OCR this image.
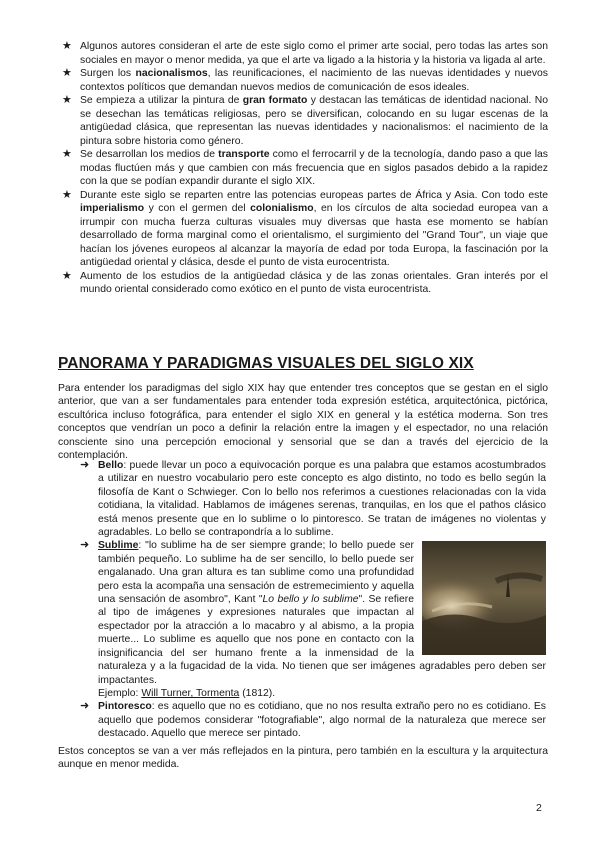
★ Algunos autores consideran el arte de este siglo como el primer arte social, pero todas las artes son sociales en mayor o menor medida, ya que el arte va ligado a la historia y la historia va ligada al arte.
★ Surgen los nacionalismos, las reunificaciones, el nacimiento de las nuevas identidades y nuevos contextos políticos que demandan nuevos medios de comunicación de esos ideales.
★ Se empieza a utilizar la pintura de gran formato y destacan las temáticas de identidad nacional. No se desechan las temáticas religiosas, pero se diversifican, colocando en su lugar escenas de la antigüedad clásica, que representan las nuevas identidades y nacionalismos: el nacimiento de la pintura sobre historia como género.
★ Se desarrollan los medios de transporte como el ferrocarril y de la tecnología, dando paso a que las modas fluctúen más y que cambien con más frecuencia que en siglos pasados debido a la rapidez con la que se podían expandir durante el siglo XIX.
★ Durante este siglo se reparten entre las potencias europeas partes de África y Asia. Con todo este imperialismo y con el germen del colonialismo, en los círculos de alta sociedad europea van a irrumpir con mucha fuerza culturas visuales muy diversas que hasta ese momento se habían desarrollado de forma marginal como el orientalismo, el surgimiento del "Grand Tour", un viaje que hacían los jóvenes europeos al alcanzar la mayoría de edad por toda Europa, la fascinación por la antigüedad oriental y clásica, desde el punto de vista eurocentrista.
★ Aumento de los estudios de la antigüedad clásica y de las zonas orientales. Gran interés por el mundo oriental considerado como exótico en el punto de vista eurocentrista.
PANORAMA Y PARADIGMAS VISUALES DEL SIGLO XIX

Para entender los paradigmas del siglo XIX hay que entender tres conceptos que se gestan en el siglo anterior, que van a ser fundamentales para entender toda expresión estética, arquitectónica, pictórica, escultórica incluso fotográfica, para entender el siglo XIX en general y la estética moderna. Son tres conceptos que vendrían un poco a definir la relación entre la imagen y el espectador, no una relación consciente sino una percepción emocional y sensorial que se dan a través del ejercicio de la contemplación.

➜ Bello: puede llevar un poco a equivocación porque es una palabra que estamos acostumbrados a utilizar en nuestro vocabulario pero este concepto es algo distinto, no todo es bello según la filosofía de Kant o Schwieger. Con lo bello nos referimos a cuestiones relacionadas con la vida cotidiana, la vitalidad. Hablamos de imágenes serenas, tranquilas, en los que el pathos clásico está menos presente que en lo sublime o lo pintoresco. Se tratan de imágenes no violentas y agradables. Lo bello se contrapondría a lo sublime.
➜ Sublime: "lo sublime ha de ser siempre grande; lo bello puede ser también pequeño. Lo sublime ha de ser sencillo, lo bello puede ser engalanado. Una gran altura es tan sublime como una profundidad pero esta la acompaña una sensación de estremecimiento y aquella una sensación de asombro", Kant "Lo bello y lo sublime". Se refiere al tipo de imágenes y expresiones naturales que impactan al espectador por la atracción a lo macabro y al abismo, a la propia muerte... Lo sublime es aquello que nos pone en contacto con la insignificancia del ser humano frente a la inmensidad de la naturaleza y a la fugacidad de la vida. No tienen que ser imágenes agradables pero deben ser impactantes.
Ejemplo: Will Turner, Tormenta (1812).
➜ Pintoresco: es aquello que no es cotidiano, que no nos resulta extraño pero no es cotidiano. Es aquello que podemos considerar "fotografiable", algo normal de la naturaleza que merece ser destacado. Aquello que merece ser pintado.

Estos conceptos se van a ver más reflejados en la pintura, pero también en la escultura y la arquitectura aunque en menor medida.

2
